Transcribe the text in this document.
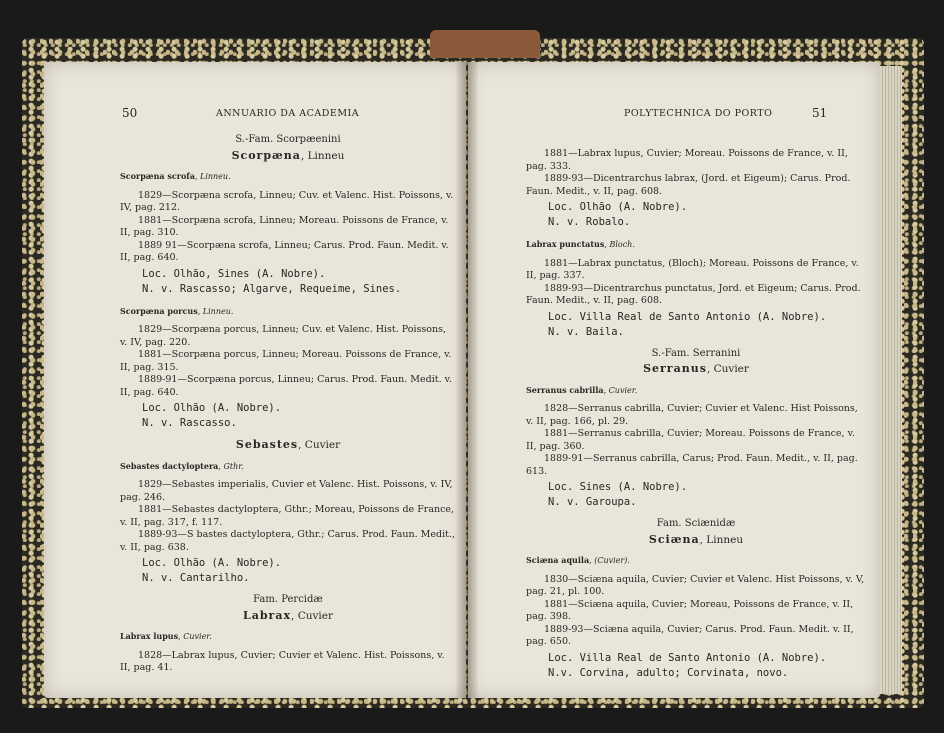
50	ANNUARIO DA ACADEMIA
S.-Fam. Scorpæenini
Scorpæna, Linneu
Scorpæna scrofa, Linneu.
1829—Scorpæna scrofa, Linneu; Cuv. et Valenc. Hist. Poissons, v. IV, pag. 212.
1881—Scorpæna scrofa, Linneu; Moreau. Poissons de France, v. II, pag. 310.
1889 91—Scorpæna scrofa, Linneu; Carus. Prod. Faun. Medit. v. II, pag. 640.
Loc. Olhão, Sines (A. Nobre).
N. v. Rascasso; Algarve, Requeime, Sines.
Scorpæna porcus, Linneu.
1829—Scorpæna porcus, Linneu; Cuv. et Valenc. Hist. Poissons, v. IV, pag. 220.
1881—Scorpæna porcus, Linneu; Moreau. Poissons de France, v. II, pag. 315.
1889-91—Scorpæna porcus, Linneu; Carus. Prod. Faun. Medit. v. II, pag. 640.
Loc. Olhão (A. Nobre).
N. v. Rascasso.
Sebastes, Cuvier
Sebastes dactyloptera, Gthr.
1829—Sebastes imperialis, Cuvier et Valenc. Hist. Poissons, v. IV, pag. 246.
1881—Sebastes dactyloptera, Gthr.; Moreau, Poissons de France, v. II, pag. 317, f. 117.
1889-93—S bastes dactyloptera, Gthr.; Carus. Prod. Faun. Medit., v. II, pag. 638.
Loc. Olhão (A. Nobre).
N. v. Cantarilho.
Fam. Percidæ
Labrax, Cuvier
Labrax lupus, Cuvier.
1828—Labrax lupus, Cuvier; Cuvier et Valenc. Hist. Poissons, v. II, pag. 41.
POLYTECHNICA DO PORTO	51
1881—Labrax lupus, Cuvier; Moreau. Poissons de France, v. II, pag. 333.
1889-93—Dicentrarchus labrax, (Jord. et Eigeum); Carus. Prod. Faun. Medit., v. II, pag. 608.
Loc. Olhão (A. Nobre).
N. v. Robalo.
Labrax punctatus, Bloch.
1881—Labrax punctatus, (Bloch); Moreau. Poissons de France, v. II, pag. 337.
1889-93—Dicentrarchus punctatus, Jord. et Eigeum; Carus. Prod. Faun. Medit., v. II, pag. 608.
Loc. Villa Real de Santo Antonio (A. Nobre).
N. v. Baila.
S.-Fam. Serranini
Serranus, Cuvier
Serranus cabrilla, Cuvier.
1828—Serranus cabrilla, Cuvier; Cuvier et Valenc. Hist Poissons, v. II, pag. 166, pl. 29.
1881—Serranus cabrilla, Cuvier; Moreau. Poissons de France, v. II, pag. 360.
1889-91—Serranus cabrilla, Carus; Prod. Faun. Medit., v. II, pag. 613.
Loc. Sines (A. Nobre).
N. v. Garoupa.
Fam. Sciænidæ
Sciæna, Linneu
Sciæna aquila, (Cuvier).
1830—Sciæna aquila, Cuvier; Cuvier et Valenc. Hist Poissons, v. V, pag. 21, pl. 100.
1881—Sciæna aquila, Cuvier; Moreau, Poissons de France, v. II, pag. 398.
1889-93—Sciæna aquila, Cuvier; Carus. Prod. Faun. Medit. v. II, pag. 650.
Loc. Villa Real de Santo Antonio (A. Nobre).
N.v. Corvina, adulto; Corvinata, novo.
